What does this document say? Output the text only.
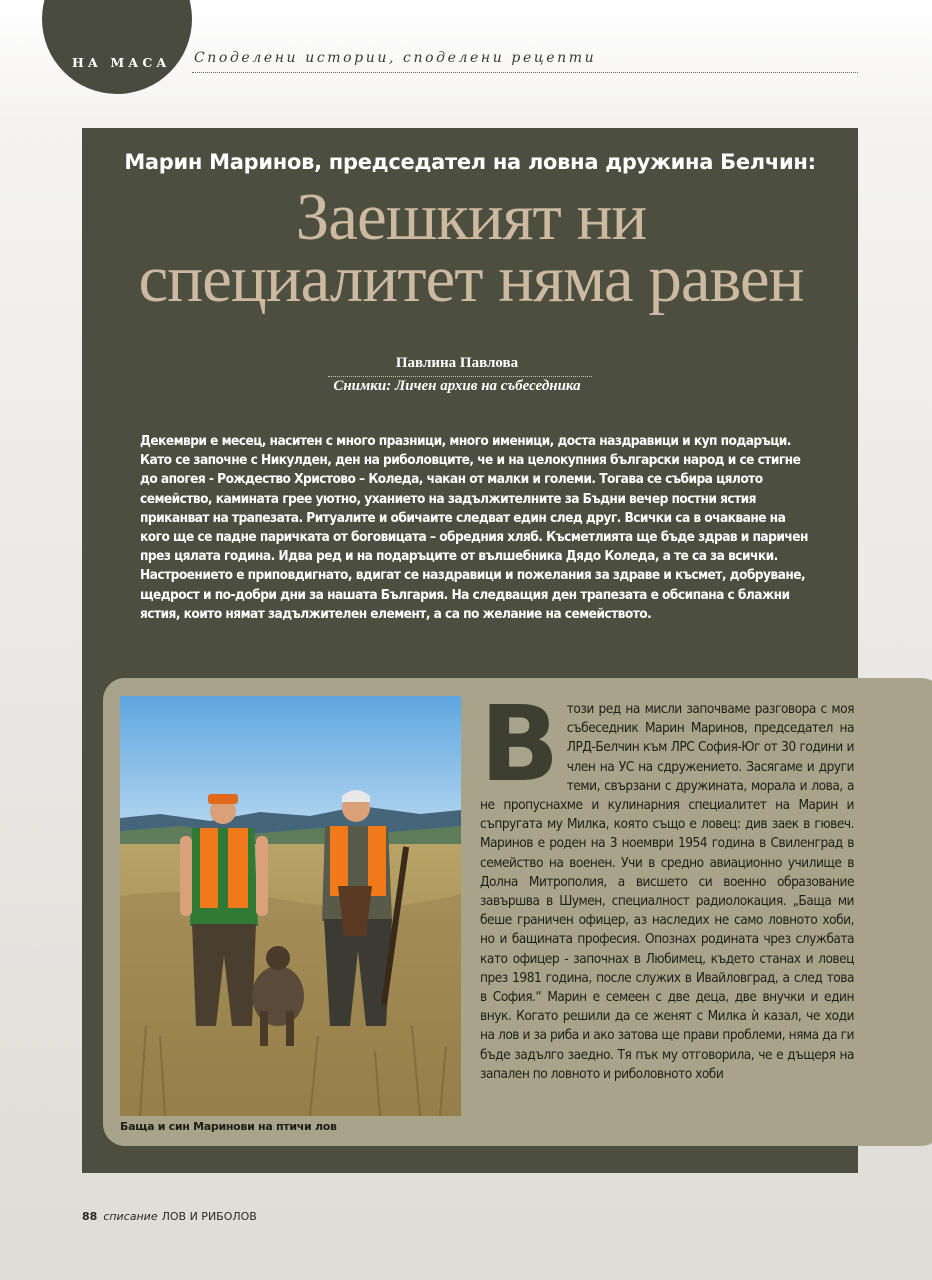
НА МАСА Споделени истории, споделени рецепти
Марин Маринов, председател на ловна дружина Белчин:
Заешкият ни
специалитет няма равен
Павлина Павлова
Снимки: Личен архив на събеседника
Декември е месец, наситен с много празници, много именици, доста наздравици и куп подаръци. Като се започне с Никулден, ден на риболовците, че и на целокупния български народ и се стигне до апогея - Рождество Христово – Коледа, чакан от малки и големи. Тогава се събира цялото семейство, камината грее уютно, уханието на задължителните за Бъдни вечер постни ястия приканват на трапезата. Ритуалите и обичаите следват един след друг. Всички са в очакване на кого ще се падне паричката от боговицата – обредния хляб. Късметлията ще бъде здрав и паричен през цялата година. Идва ред и на подаръците от вълшебника Дядо Коледа, а те са за всички. Настроението е приповдигнато, вдигат се наздравици и пожелания за здраве и късмет, добруване, щедрост и по-добри дни за нашата България. На следващия ден трапезата е обсипана с блажни ястия, които нямат задължителен елемент, а са по желание на семейството.
Баща и син Маринови на птичи лов
Втози ред на мисли започваме разговора с моя събеседник Марин Маринов, председател на ЛРД-Белчин към ЛРС София-Юг от 30 години и член на УС на сдружението. Засягаме и други теми, свързани с дружината, морала и лова, а не пропуснахме и кулинарния специалитет на Марин и съпругата му Милка, която също е ловец: див заек в гювеч. Маринов е роден на 3 ноември 1954 година в Свиленград в семейство на военен. Учи в средно авиационно училище в Долна Митрополия, а висшето си военно образование завършва в Шумен, специалност радиолокация. „Баща ми беше граничен офицер, аз наследих не само ловното хоби, но и бащината професия. Опознах родината чрез службата като офицер - започнах в Любимец, където станах и ловец през 1981 година, после служих в Ивайловград, а след това в София.“ Марин е семеен с две деца, две внучки и един внук. Когато решили да се женят с Милка ѝ казал, че ходи на лов и за риба и ако затова ще прави проблеми, няма да ги бъде задълго заедно. Тя пък му отговорила, че е дъщеря на запален по ловното и риболовното хоби
88 списание ЛОВ И РИБОЛОВ
